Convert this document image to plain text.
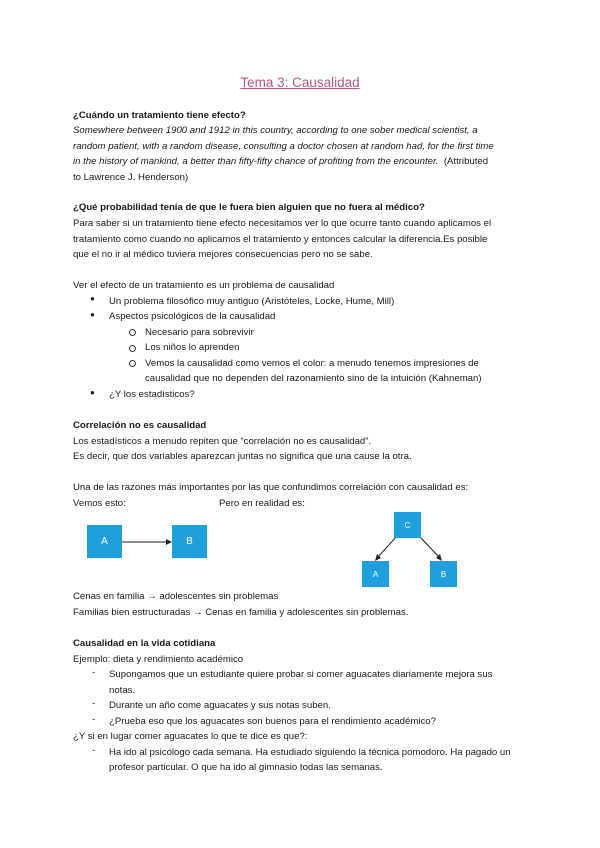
Tema 3: Causalidad
¿Cuándo un tratamiento tiene efecto?
Somewhere between 1900 and 1912 in this country, according to one sober medical scientist, a
random patient, with a random disease, consulting a doctor chosen at random had, for the first time
in the history of mankind, a better than fifty-fifty chance of profiting from the encounter. (Attributed
to Lawrence J. Henderson)
¿Qué probabilidad tenía de que le fuera bien alguien que no fuera al médico?
Para saber si un tratamiento tiene efecto necesitamos ver lo que ocurre tanto cuando aplicamos el
tratamiento como cuando no aplicamos el tratamiento y entonces calcular la diferencia.Es posible
que el no ir al médico tuviera mejores consecuencias pero no se sabe.
Ver el efecto de un tratamiento es un problema de causalidad
● Un problema filosófico muy antiguo (Aristóteles, Locke, Hume, Mill)
● Aspectos psicológicos de la causalidad
Necesario para sobrevivir
Los niños lo aprenden
Vemos la causalidad como vemos el color: a menudo tenemos impresiones de
causalidad que no dependen del razonamiento sino de la intuición (Kahneman)
● ¿Y los estadísticos?
Correlación no es causalidad
Los estadísticos a menudo repiten que “correlación no es causalidad”.
Es decir, que dos variables aparezcan juntas no significa que una cause la otra.
Una de las razones más importantes por las que confundimos correlación con causalidad es:
Vemos esto:	Pero en realidad es:
A	B
C
A	B
Cenas en familia → adolescentes sin problemas
Familias bien estructuradas → Cenas en familia y adolescentes sin problemas.
Causalidad en la vida cotidiana
Ejemplo: dieta y rendimiento académico
- Supongamos que un estudiante quiere probar si comer aguacates diariamente mejora sus
notas.
- Durante un año come aguacates y sus notas suben.
- ¿Prueba eso que los aguacates son buenos para el rendimiento académico?
¿Y si en lugar comer aguacates lo que te dice es que?:
- Ha ido al psicólogo cada semana. Ha estudiado siguiendo la técnica pomodoro. Ha pagado un
profesor particular. O que ha ido al gimnasio todas las semanas.
